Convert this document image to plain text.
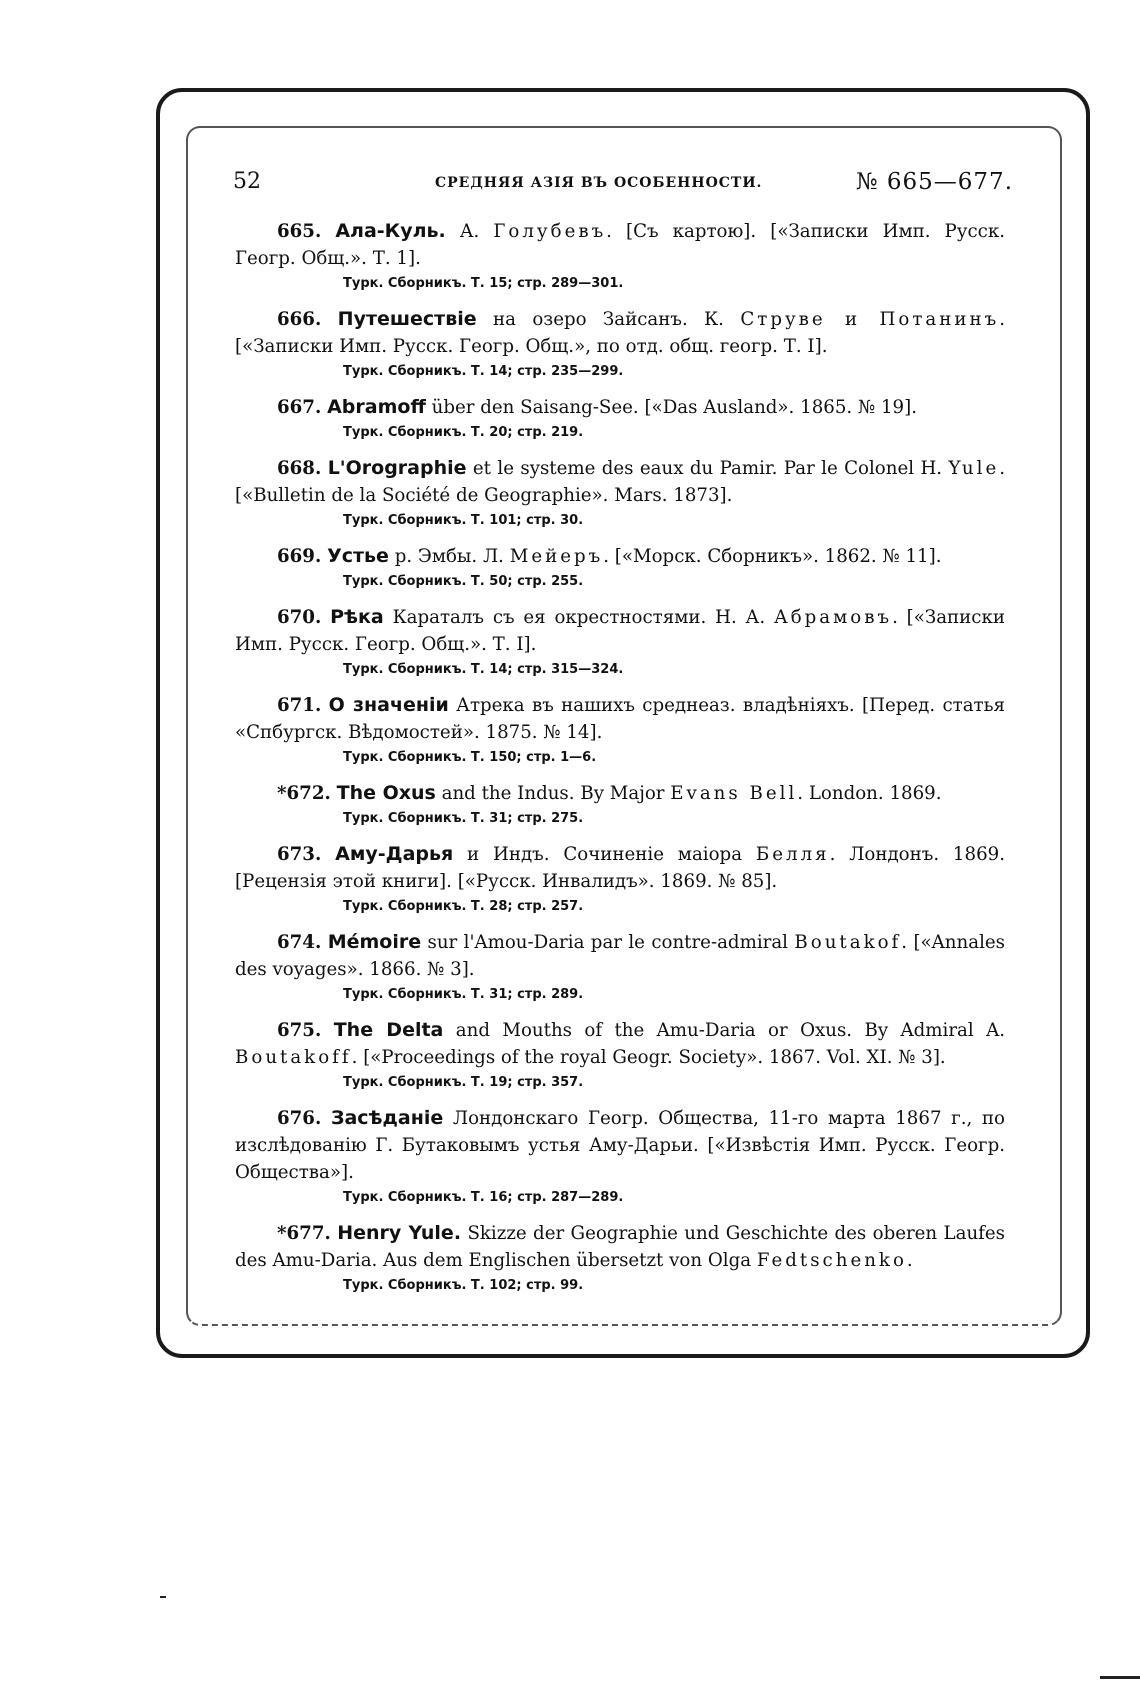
52	СРЕДНЯЯ АЗІЯ ВЪ ОСОБЕННОСТИ.	№ 665—677.
665. Ала-Куль. А. Голубевъ. [Съ картою]. [«Записки Имп. Русск. Геогр. Общ.». Т. 1].
Турк. Сборникъ. Т. 15; стр. 289—301.
666. Путешествіе на озеро Зайсанъ. К. Струве и Потанинъ. [«Записки Имп. Русск. Геогр. Общ.», по отд. общ. геогр. Т. I].
Турк. Сборникъ. Т. 14; стр. 235—299.
667. Abramoff über den Saisang-See. [«Das Ausland». 1865. № 19].
Турк. Сборникъ. Т. 20; стр. 219.
668. L'Orographie et le systeme des eaux du Pamir. Par le Colonel H. Yule. [«Bulletin de la Société de Geographie». Mars. 1873].
Турк. Сборникъ. Т. 101; стр. 30.
669. Устье р. Эмбы. Л. Мейеръ. [«Морск. Сборникъ». 1862. № 11].
Турк. Сборникъ. Т. 50; стр. 255.
670. Рѣка Караталъ съ ея окрестностями. Н. А. Абрамовъ. [«Записки Имп. Русск. Геогр. Общ.». Т. I].
Турк. Сборникъ. Т. 14; стр. 315—324.
671. О значеніи Атрека въ нашихъ среднеаз. владѣніяхъ. [Перед. статья «Спбургск. Вѣдомостей». 1875. № 14].
Турк. Сборникъ. Т. 150; стр. 1—6.
*672. The Oxus and the Indus. By Major Evans Bell. London. 1869.
Турк. Сборникъ. Т. 31; стр. 275.
673. Аму-Дарья и Индъ. Сочиненіе маіора Белля. Лондонъ. 1869. [Рецензія этой книги]. [«Русск. Инвалидъ». 1869. № 85].
Турк. Сборникъ. Т. 28; стр. 257.
674. Mémoire sur l'Amou-Daria par le contre-admiral Boutakof. [«Annales des voyages». 1866. № 3].
Турк. Сборникъ. Т. 31; стр. 289.
675. The Delta and Mouths of the Amu-Daria or Oxus. By Admiral A. Boutakoff. [«Proceedings of the royal Geogr. Society». 1867. Vol. XI. № 3].
Турк. Сборникъ. Т. 19; стр. 357.
676. Засѣданіе Лондонскаго Геогр. Общества, 11-го марта 1867 г., по изслѣдованію Г. Бутаковымъ устья Аму-Дарьи. [«Извѣстія Имп. Русск. Геогр. Общества»].
Турк. Сборникъ. Т. 16; стр. 287—289.
*677. Henry Yule. Skizze der Geographie und Geschichte des oberen Laufes des Amu-Daria. Aus dem Englischen übersetzt von Olga Fedtschenko.
Турк. Сборникъ. Т. 102; стр. 99.
